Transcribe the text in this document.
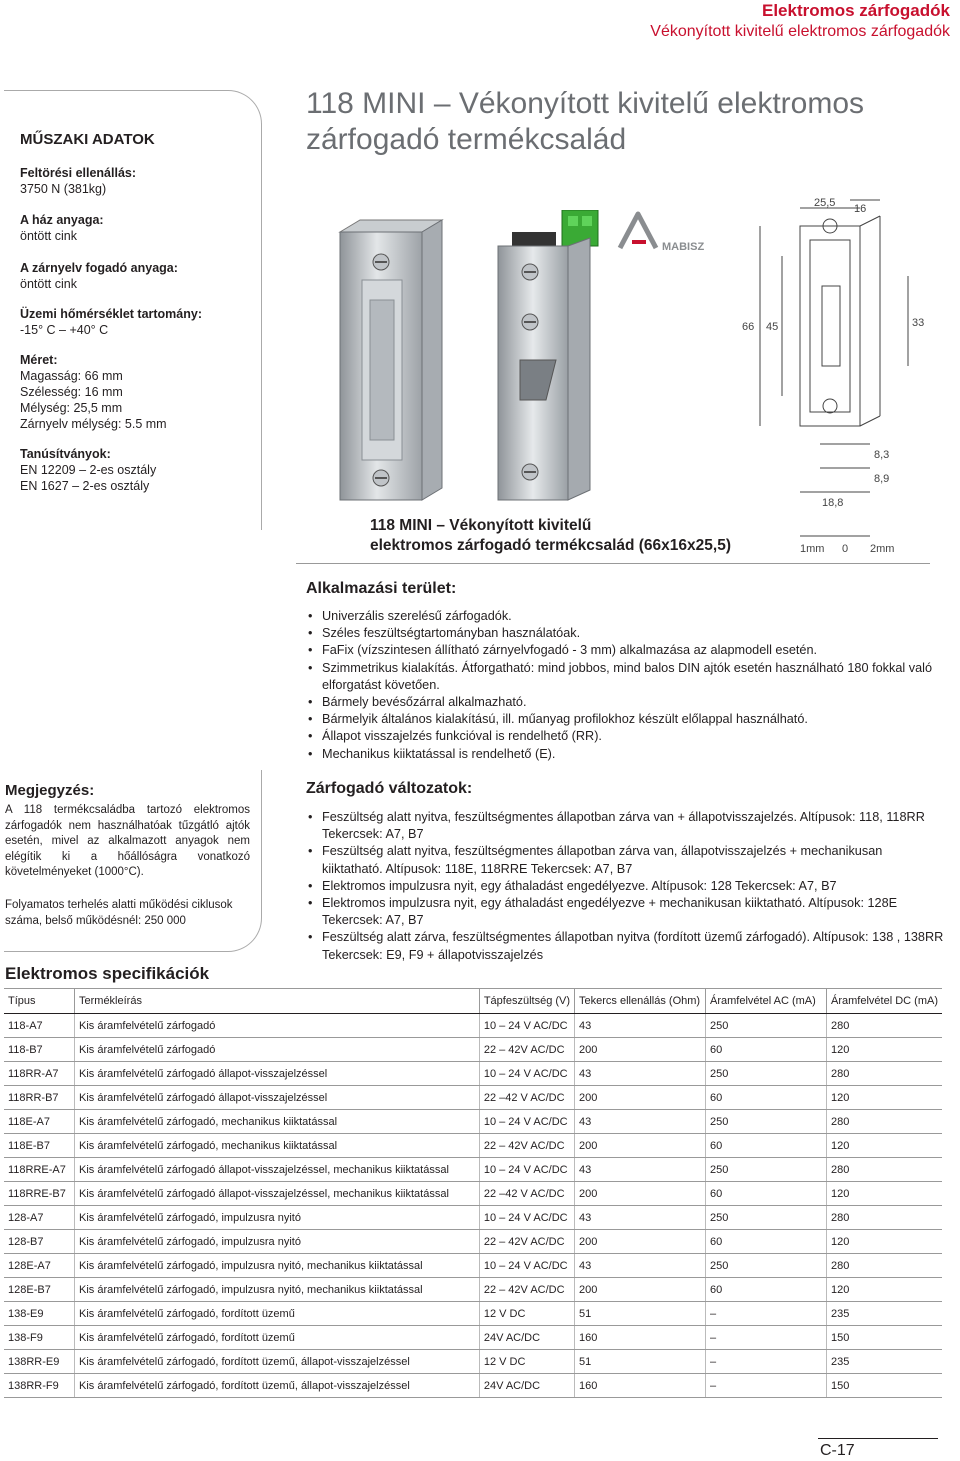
Elektromos zárfogadók
Vékonyított kivitelű elektromos zárfogadók
MŰSZAKI ADATOK
Feltörési ellenállás:
3750 N (381kg)
A ház anyaga:
öntött cink
A zárnyelv fogadó anyaga:
öntött cink
Üzemi hőmérséklet tartomány:
-15° C – +40° C
Méret:
Magasság: 66 mm
Szélesség: 16 mm
Mélység: 25,5 mm
Zárnyelv mélység: 5.5 mm
Tanúsítványok:
EN 12209 – 2-es osztály
EN 1627 – 2-es osztály
118 MINI – Vékonyított kivitelű elektromos zárfogadó termékcsalád
MABISZ
25,5 16
66 45	33
8,3
8,9
18,8
1mm 0 2mm
118 MINI – Vékonyított kivitelű
elektromos zárfogadó termékcsalád (66x16x25,5)
Alkalmazási terület:
• Univerzális szerelésű zárfogadók.
• Széles feszültségtartományban használatóak.
• FaFix (vízszintesen állítható zárnyelvfogadó - 3 mm) alkalmazása az alapmodell esetén.
• Szimmetrikus kialakítás. Átforgatható: mind jobbos, mind balos DIN ajtók esetén használható 180 fokkal való elforgatást követően.
• Bármely bevésőzárral alkalmazható.
• Bármelyik általános kialakítású, ill. műanyag profilokhoz készült előlappal használható.
• Állapot visszajelzés funkcióval is rendelhető (RR).
• Mechanikus kiiktatással is rendelhető (E).
Megjegyzés:
A 118 termékcsaládba tartozó elektromos zárfogadók nem használhatóak tűzgátló ajtók esetén, mivel az alkalmazott anyagok nem elégítik ki a hőállóságra vonatkozó követelményeket (1000°C).
Folyamatos terhelés alatti működési ciklusok száma, belső működésnél: 250 000
Zárfogadó változatok:
• Feszültség alatt nyitva, feszültségmentes állapotban zárva van + állapotvisszajelzés. Altípusok: 118, 118RR Tekercsek: A7, B7
• Feszültség alatt nyitva, feszültségmentes állapotban zárva van, állapotvisszajelzés + mechanikusan kiiktatható. Altípusok: 118E, 118RRE Tekercsek: A7, B7
• Elektromos impulzusra nyit, egy áthaladást engedélyezve. Altípusok: 128 Tekercsek: A7, B7
• Elektromos impulzusra nyit, egy áthaladást engedélyezve + mechanikusan kiiktatható. Altípusok: 128E Tekercsek: A7, B7
• Feszültség alatt zárva, feszültségmentes állapotban nyitva (fordított üzemű zárfogadó). Altípusok: 138 , 138RR Tekercsek: E9, F9 + állapotvisszajelzés
Elektromos specifikációk
Típus	Termékleírás	Tápfeszültség (V)	Tekercs ellenállás (Ohm)	Áramfelvétel AC (mA)	Áramfelvétel DC (mA)
118-A7	Kis áramfelvételű zárfogadó	10 – 24 V AC/DC	43	250	280
118-B7	Kis áramfelvételű zárfogadó	22 – 42V AC/DC	200	60	120
118RR-A7	Kis áramfelvételű zárfogadó állapot-visszajelzéssel	10 – 24 V AC/DC	43	250	280
118RR-B7	Kis áramfelvételű zárfogadó állapot-visszajelzéssel	22 –42 V AC/DC	200	60	120
118E-A7	Kis áramfelvételű zárfogadó, mechanikus kiiktatással	10 – 24 V AC/DC	43	250	280
118E-B7	Kis áramfelvételű zárfogadó, mechanikus kiiktatással	22 – 42V AC/DC	200	60	120
118RRE-A7	Kis áramfelvételű zárfogadó állapot-visszajelzéssel, mechanikus kiiktatással	10 – 24 V AC/DC	43	250	280
118RRE-B7	Kis áramfelvételű zárfogadó állapot-visszajelzéssel, mechanikus kiiktatással	22 –42 V AC/DC	200	60	120
128-A7	Kis áramfelvételű zárfogadó, impulzusra nyitó	10 – 24 V AC/DC	43	250	280
128-B7	Kis áramfelvételű zárfogadó, impulzusra nyitó	22 – 42V AC/DC	200	60	120
128E-A7	Kis áramfelvételű zárfogadó, impulzusra nyitó, mechanikus kiiktatással	10 – 24 V AC/DC	43	250	280
128E-B7	Kis áramfelvételű zárfogadó, impulzusra nyitó, mechanikus kiiktatással	22 – 42V AC/DC	200	60	120
138-E9	Kis áramfelvételű zárfogadó, fordított üzemű	12 V DC	51	–	235
138-F9	Kis áramfelvételű zárfogadó, fordított üzemű	24V AC/DC	160	–	150
138RR-E9	Kis áramfelvételű zárfogadó, fordított üzemű, állapot-visszajelzéssel	12 V DC	51	–	235
138RR-F9	Kis áramfelvételű zárfogadó, fordított üzemű, állapot-visszajelzéssel	24V AC/DC	160	–	150
C-17
